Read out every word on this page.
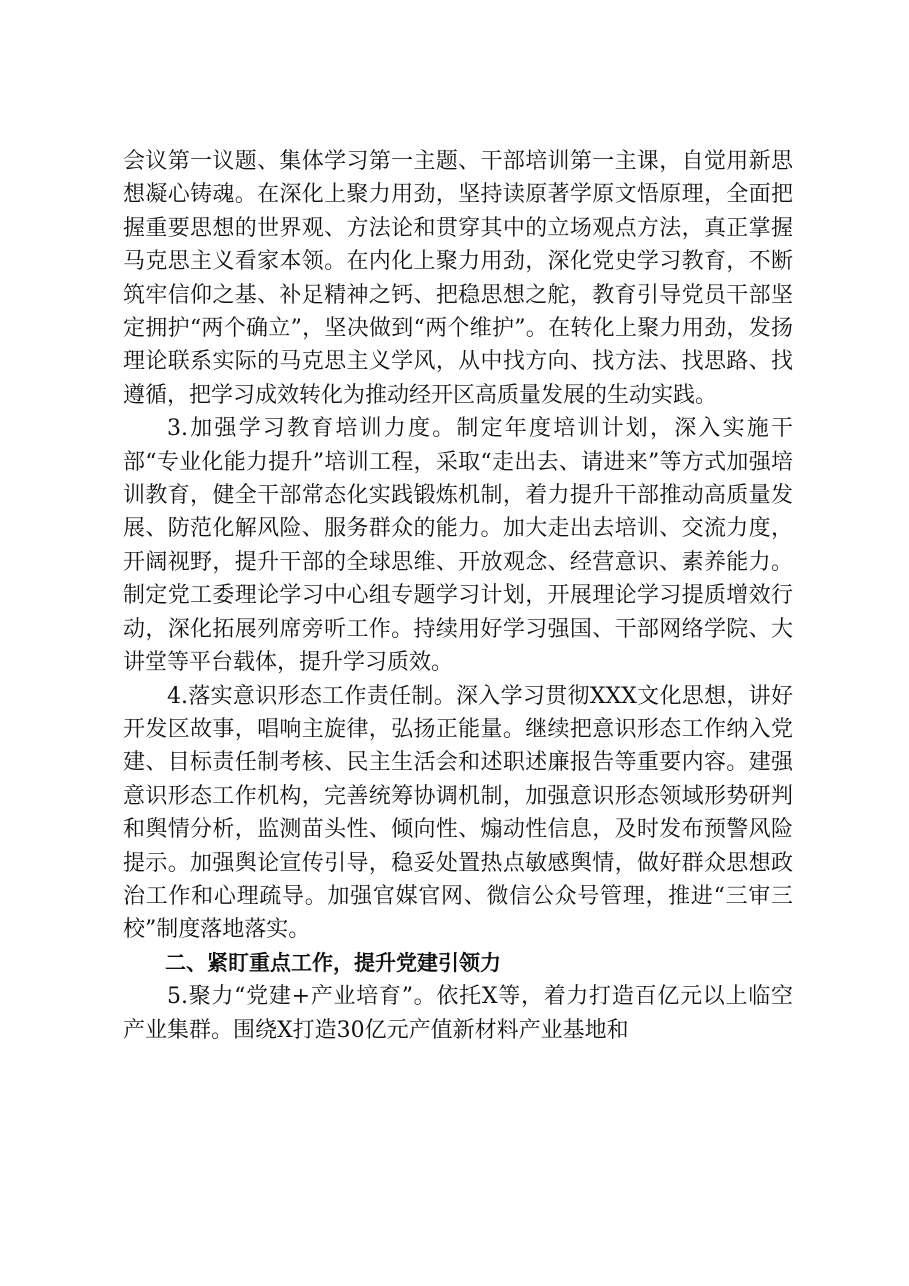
会议第一议题、集体学习第一主题、干部培训第一主课，自觉用新思想凝心铸魂。在深化上聚力用劲，坚持读原著学原文悟原理，全面把握重要思想的世界观、方法论和贯穿其中的立场观点方法，真正掌握马克思主义看家本领。在内化上聚力用劲，深化党史学习教育，不断筑牢信仰之基、补足精神之钙、把稳思想之舵，教育引导党员干部坚定拥护“两个确立”，坚决做到“两个维护”。在转化上聚力用劲，发扬理论联系实际的马克思主义学风，从中找方向、找方法、找思路、找遵循，把学习成效转化为推动经开区高质量发展的生动实践。

3.加强学习教育培训力度。制定年度培训计划，深入实施干部“专业化能力提升”培训工程，采取“走出去、请进来”等方式加强培训教育，健全干部常态化实践锻炼机制，着力提升干部推动高质量发展、防范化解风险、服务群众的能力。加大走出去培训、交流力度，开阔视野，提升干部的全球思维、开放观念、经营意识、素养能力。制定党工委理论学习中心组专题学习计划，开展理论学习提质增效行动，深化拓展列席旁听工作。持续用好学习强国、干部网络学院、大讲堂等平台载体，提升学习质效。

4.落实意识形态工作责任制。深入学习贯彻XXX文化思想，讲好开发区故事，唱响主旋律，弘扬正能量。继续把意识形态工作纳入党建、目标责任制考核、民主生活会和述职述廉报告等重要内容。建强意识形态工作机构，完善统筹协调机制，加强意识形态领域形势研判和舆情分析，监测苗头性、倾向性、煽动性信息，及时发布预警风险提示。加强舆论宣传引导，稳妥处置热点敏感舆情，做好群众思想政治工作和心理疏导。加强官媒官网、微信公众号管理，推进“三审三校”制度落地落实。

二、紧盯重点工作，提升党建引领力

5.聚力“党建+产业培育”。依托X等，着力打造百亿元以上临空产业集群。围绕X打造30亿元产值新材料产业基地和
